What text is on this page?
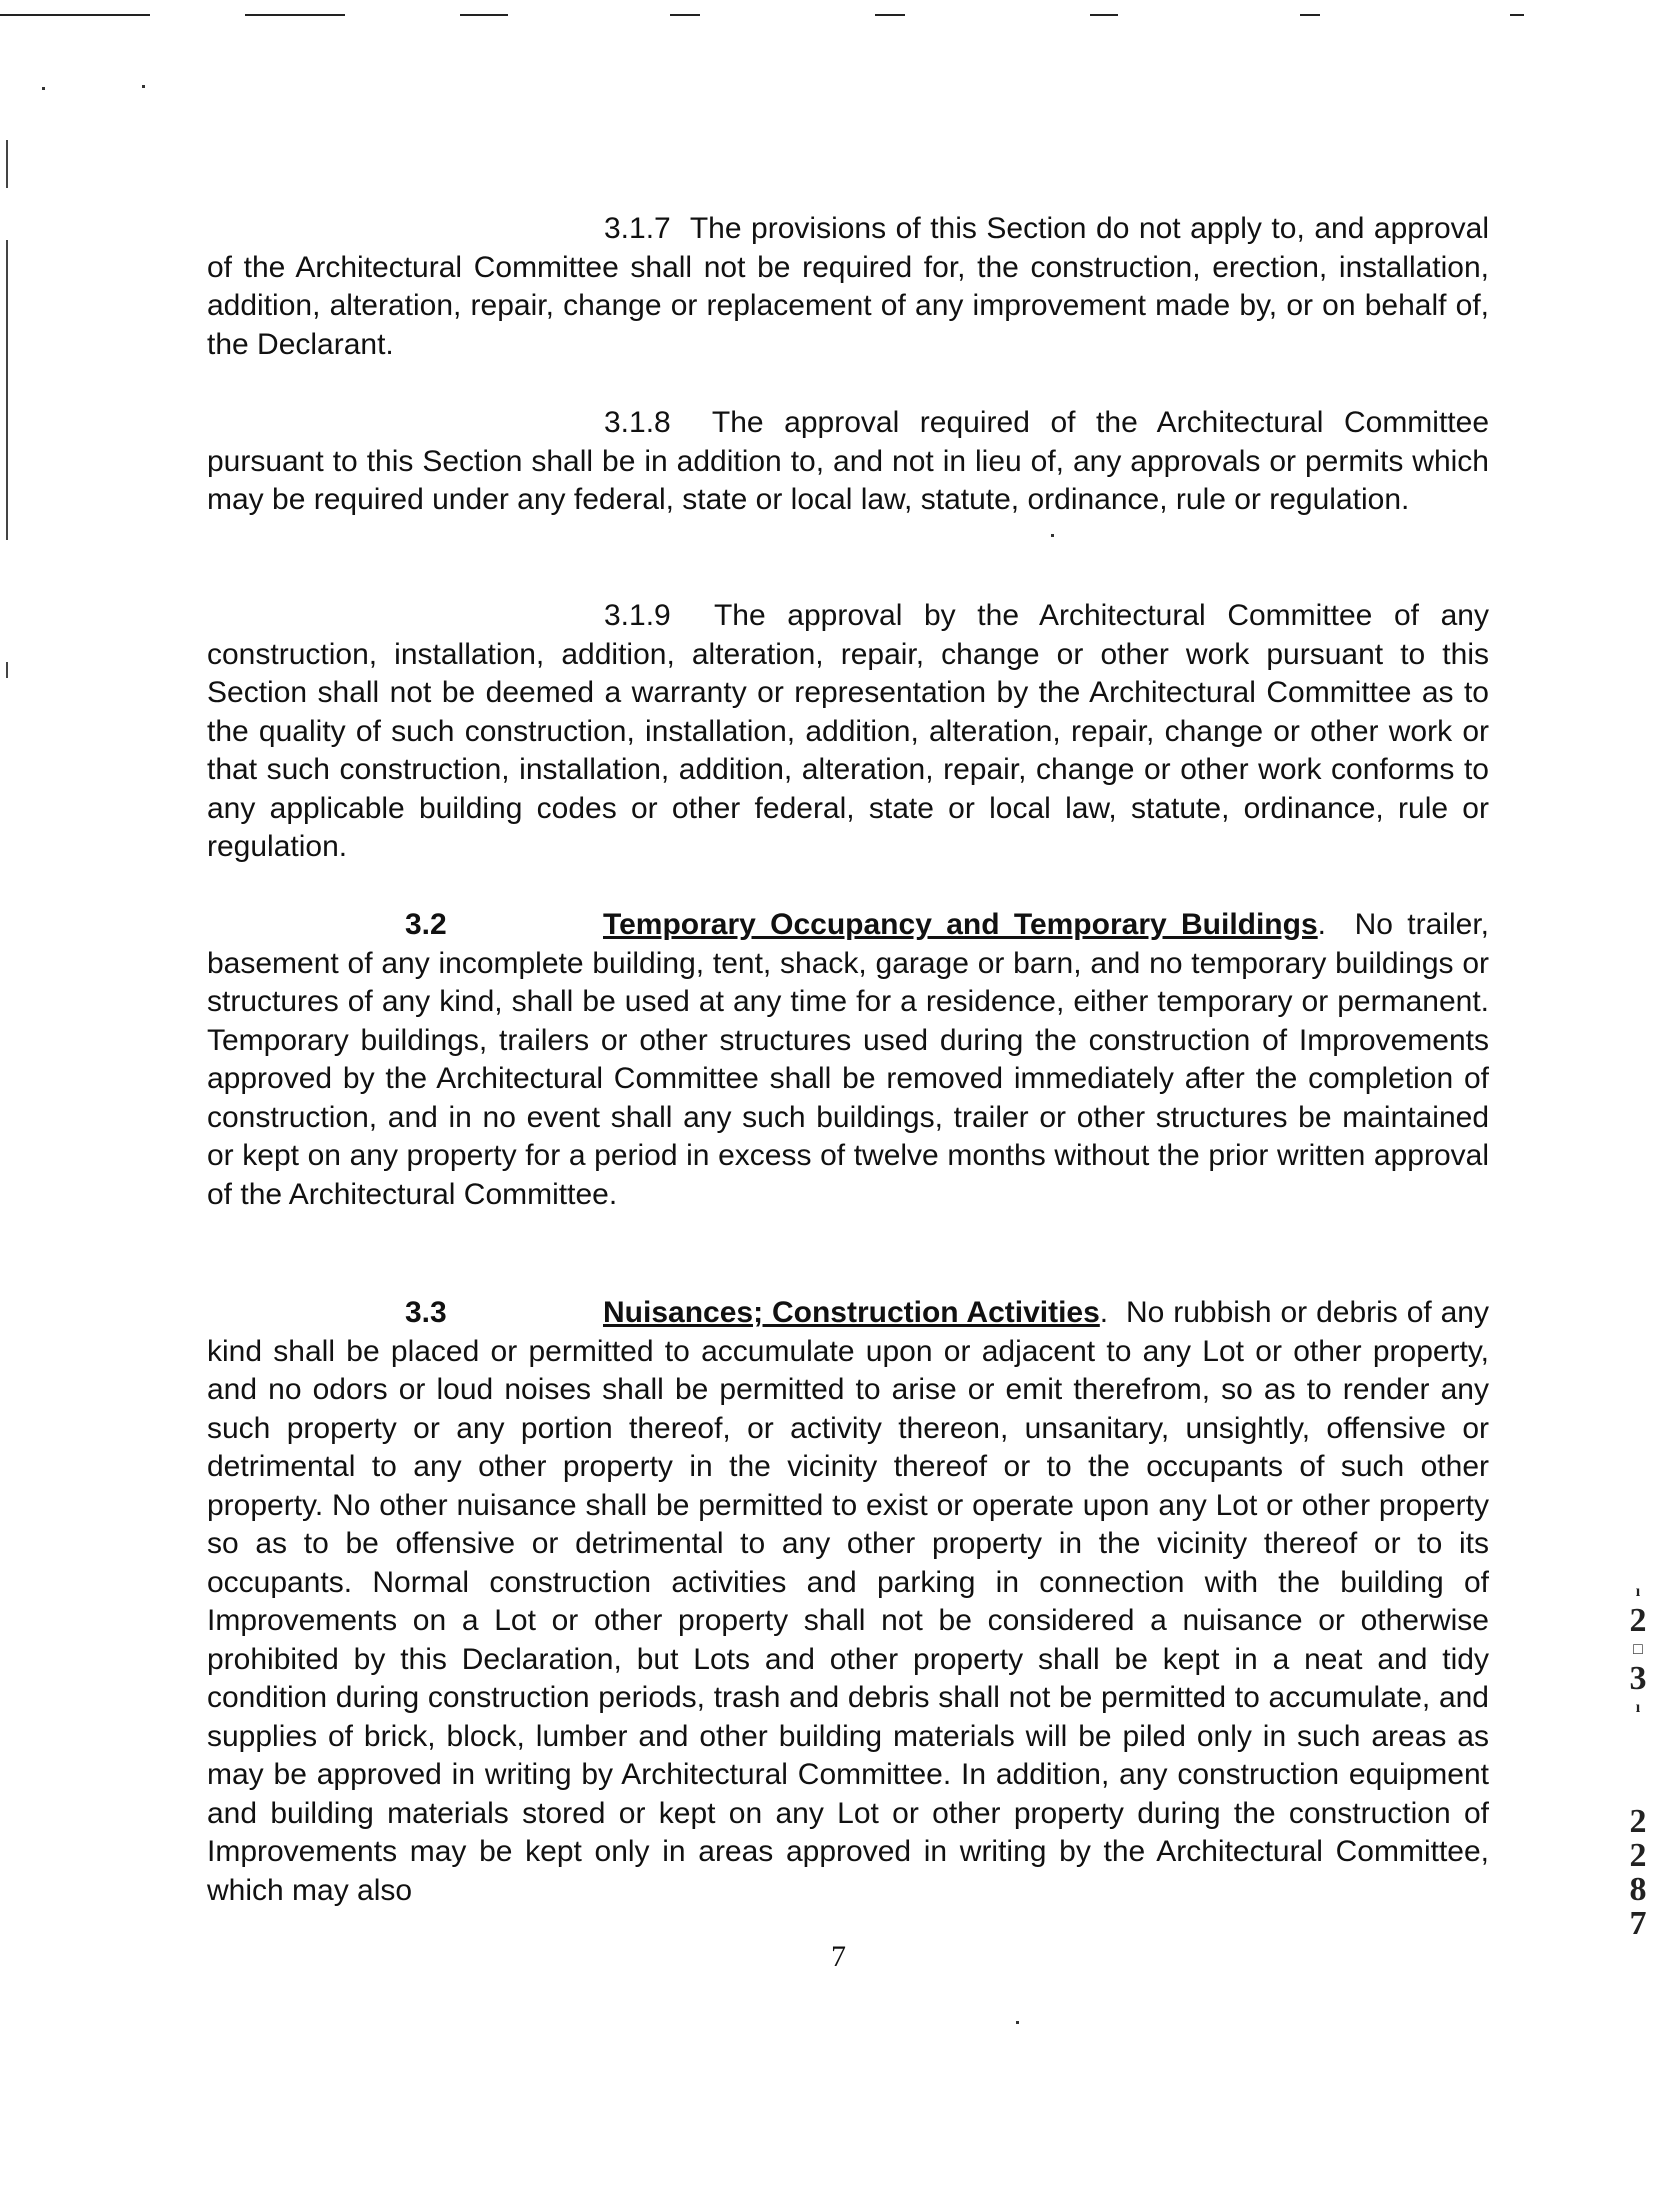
3.1.7 The provisions of this Section do not apply to, and approval of the Architectural Committee shall not be required for, the construction, erection, installation, addition, alteration, repair, change or replacement of any improvement made by, or on behalf of, the Declarant.

3.1.8 The approval required of the Architectural Committee pursuant to this Section shall be in addition to, and not in lieu of, any approvals or permits which may be required under any federal, state or local law, statute, ordinance, rule or regulation.

3.1.9 The approval by the Architectural Committee of any construction, installation, addition, alteration, repair, change or other work pursuant to this Section shall not be deemed a warranty or representation by the Architectural Committee as to the quality of such construction, installation, addition, alteration, repair, change or other work or that such construction, installation, addition, alteration, repair, change or other work conforms to any applicable building codes or other federal, state or local law, statute, ordinance, rule or regulation.

3.2	Temporary Occupancy and Temporary Buildings. No trailer, basement of any incomplete building, tent, shack, garage or barn, and no temporary buildings or structures of any kind, shall be used at any time for a residence, either temporary or permanent. Temporary buildings, trailers or other structures used during the construction of Improvements approved by the Architectural Committee shall be removed immediately after the completion of construction, and in no event shall any such buildings, trailer or other structures be maintained or kept on any property for a period in excess of twelve months without the prior written approval of the Architectural Committee.

3.3	Nuisances; Construction Activities. No rubbish or debris of any kind shall be placed or permitted to accumulate upon or adjacent to any Lot or other property, and no odors or loud noises shall be permitted to arise or emit therefrom, so as to render any such property or any portion thereof, or activity thereon, unsanitary, unsightly, offensive or detrimental to any other property in the vicinity thereof or to the occupants of such other property. No other nuisance shall be permitted to exist or operate upon any Lot or other property so as to be offensive or detrimental to any other property in the vicinity thereof or to its occupants. Normal construction activities and parking in connection with the building of Improvements on a Lot or other property shall not be considered a nuisance or otherwise prohibited by this Declaration, but Lots and other property shall be kept in a neat and tidy condition during construction periods, trash and debris shall not be permitted to accumulate, and supplies of brick, block, lumber and other building materials will be piled only in such areas as may be approved in writing by Architectural Committee. In addition, any construction equipment and building materials stored or kept on any Lot or other property during the construction of Improvements may be kept only in areas approved in writing by the Architectural Committee, which may also

7
ı
2
□
3
ı
2
2
8
7
